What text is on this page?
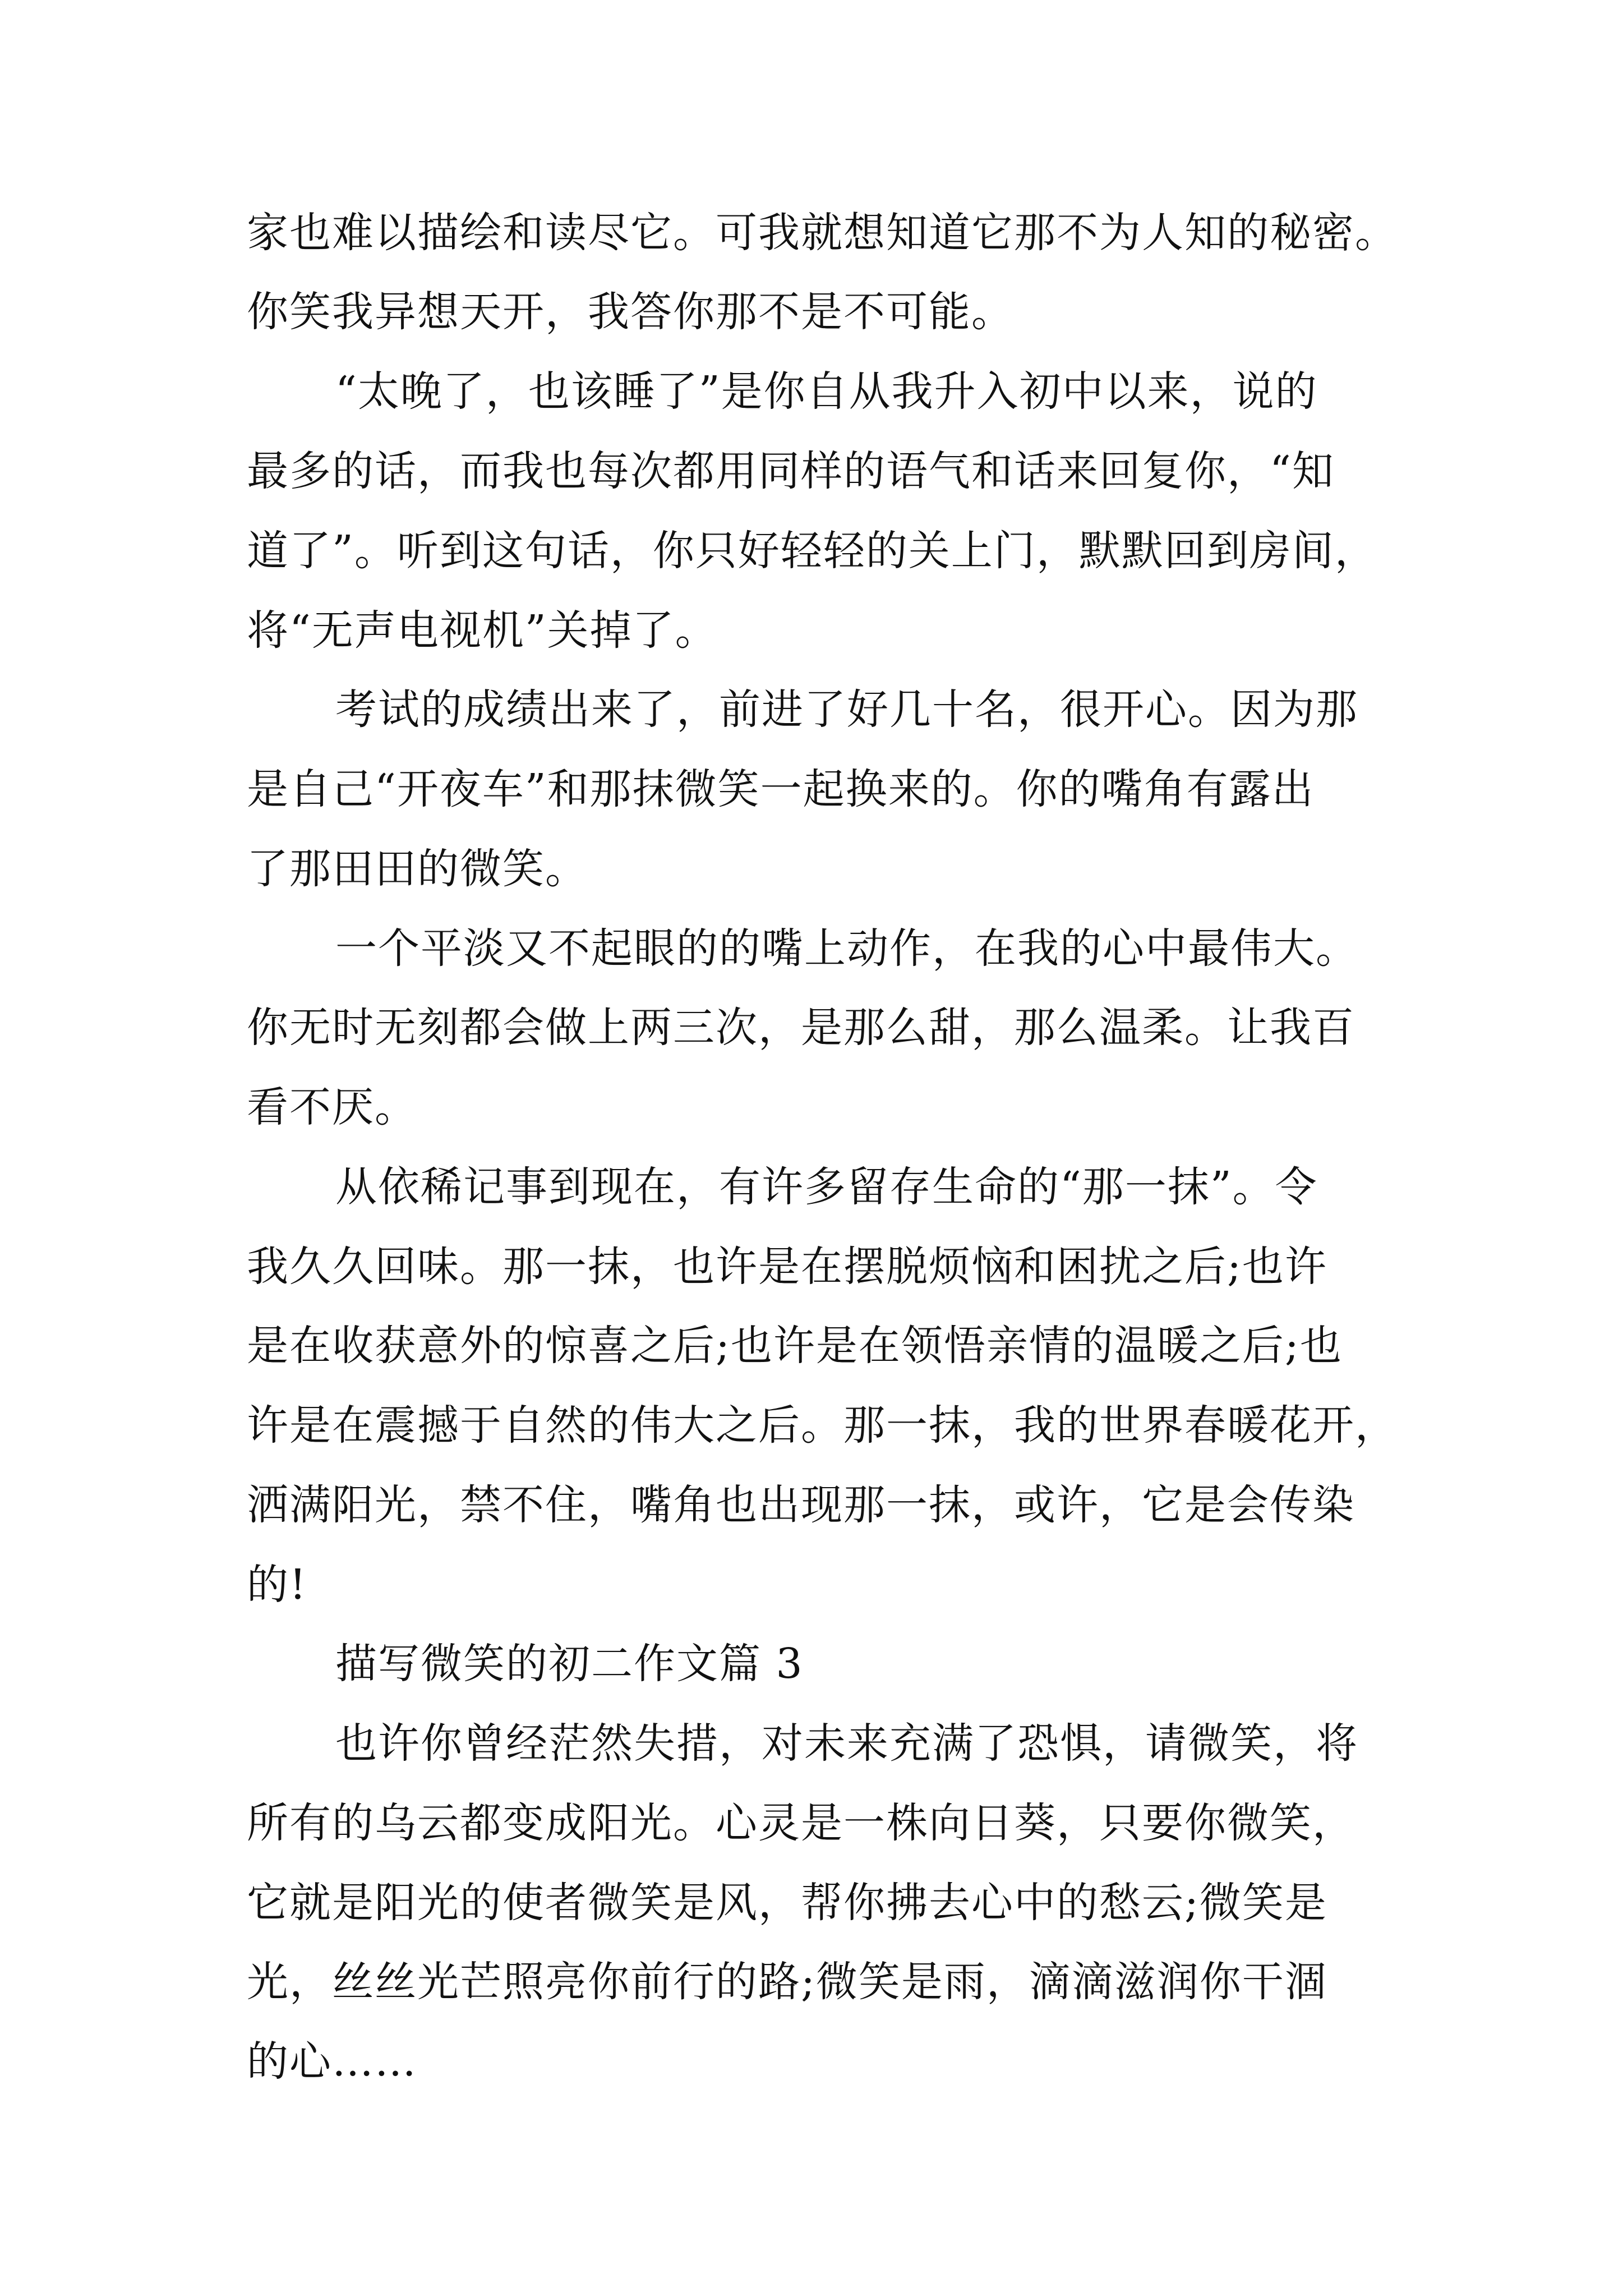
家也难以描绘和读尽它。可我就想知道它那不为人知的秘密。
你笑我异想天开，我答你那不是不可能。
“太晚了，也该睡了”是你自从我升入初中以来，说的
最多的话，而我也每次都用同样的语气和话来回复你，“知
道了”。听到这句话，你只好轻轻的关上门，默默回到房间，
将“无声电视机”关掉了。
考试的成绩出来了，前进了好几十名，很开心。因为那
是自己“开夜车”和那抹微笑一起换来的。你的嘴角有露出
了那田田的微笑。
一个平淡又不起眼的的嘴上动作，在我的心中最伟大。
你无时无刻都会做上两三次，是那么甜，那么温柔。让我百
看不厌。
从依稀记事到现在，有许多留存生命的“那一抹”。令
我久久回味。那一抹，也许是在摆脱烦恼和困扰之后;也许
是在收获意外的惊喜之后;也许是在领悟亲情的温暖之后;也
许是在震撼于自然的伟大之后。那一抹，我的世界春暖花开，
洒满阳光，禁不住，嘴角也出现那一抹，或许，它是会传染
的!
描写微笑的初二作文篇 3
也许你曾经茫然失措，对未来充满了恐惧，请微笑，将
所有的乌云都变成阳光。心灵是一株向日葵，只要你微笑，
它就是阳光的使者微笑是风，帮你拂去心中的愁云;微笑是
光，丝丝光芒照亮你前行的路;微笑是雨，滴滴滋润你干涸
的心……
